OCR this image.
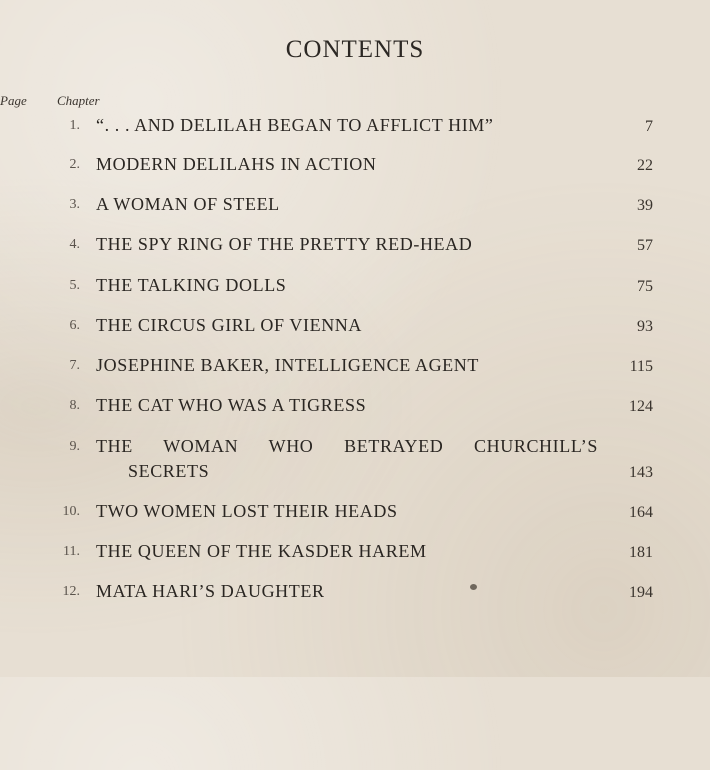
CONTENTS
Chapter
Page
1. “. . . AND DELILAH BEGAN TO AFFLICT HIM”	7
2. MODERN DELILAHS IN ACTION	22
3. A WOMAN OF STEEL	39
4. THE SPY RING OF THE PRETTY RED-HEAD	57
5. THE TALKING DOLLS	75
6. THE CIRCUS GIRL OF VIENNA	93
7. JOSEPHINE BAKER, INTELLIGENCE AGENT	115
8. THE CAT WHO WAS A TIGRESS	124
9. THE WOMAN WHO BETRAYED CHURCHILL’S
SECRETS	143
10. TWO WOMEN LOST THEIR HEADS	164
11. THE QUEEN OF THE KASDER HAREM	181
12. MATA HARI’S DAUGHTER	194
